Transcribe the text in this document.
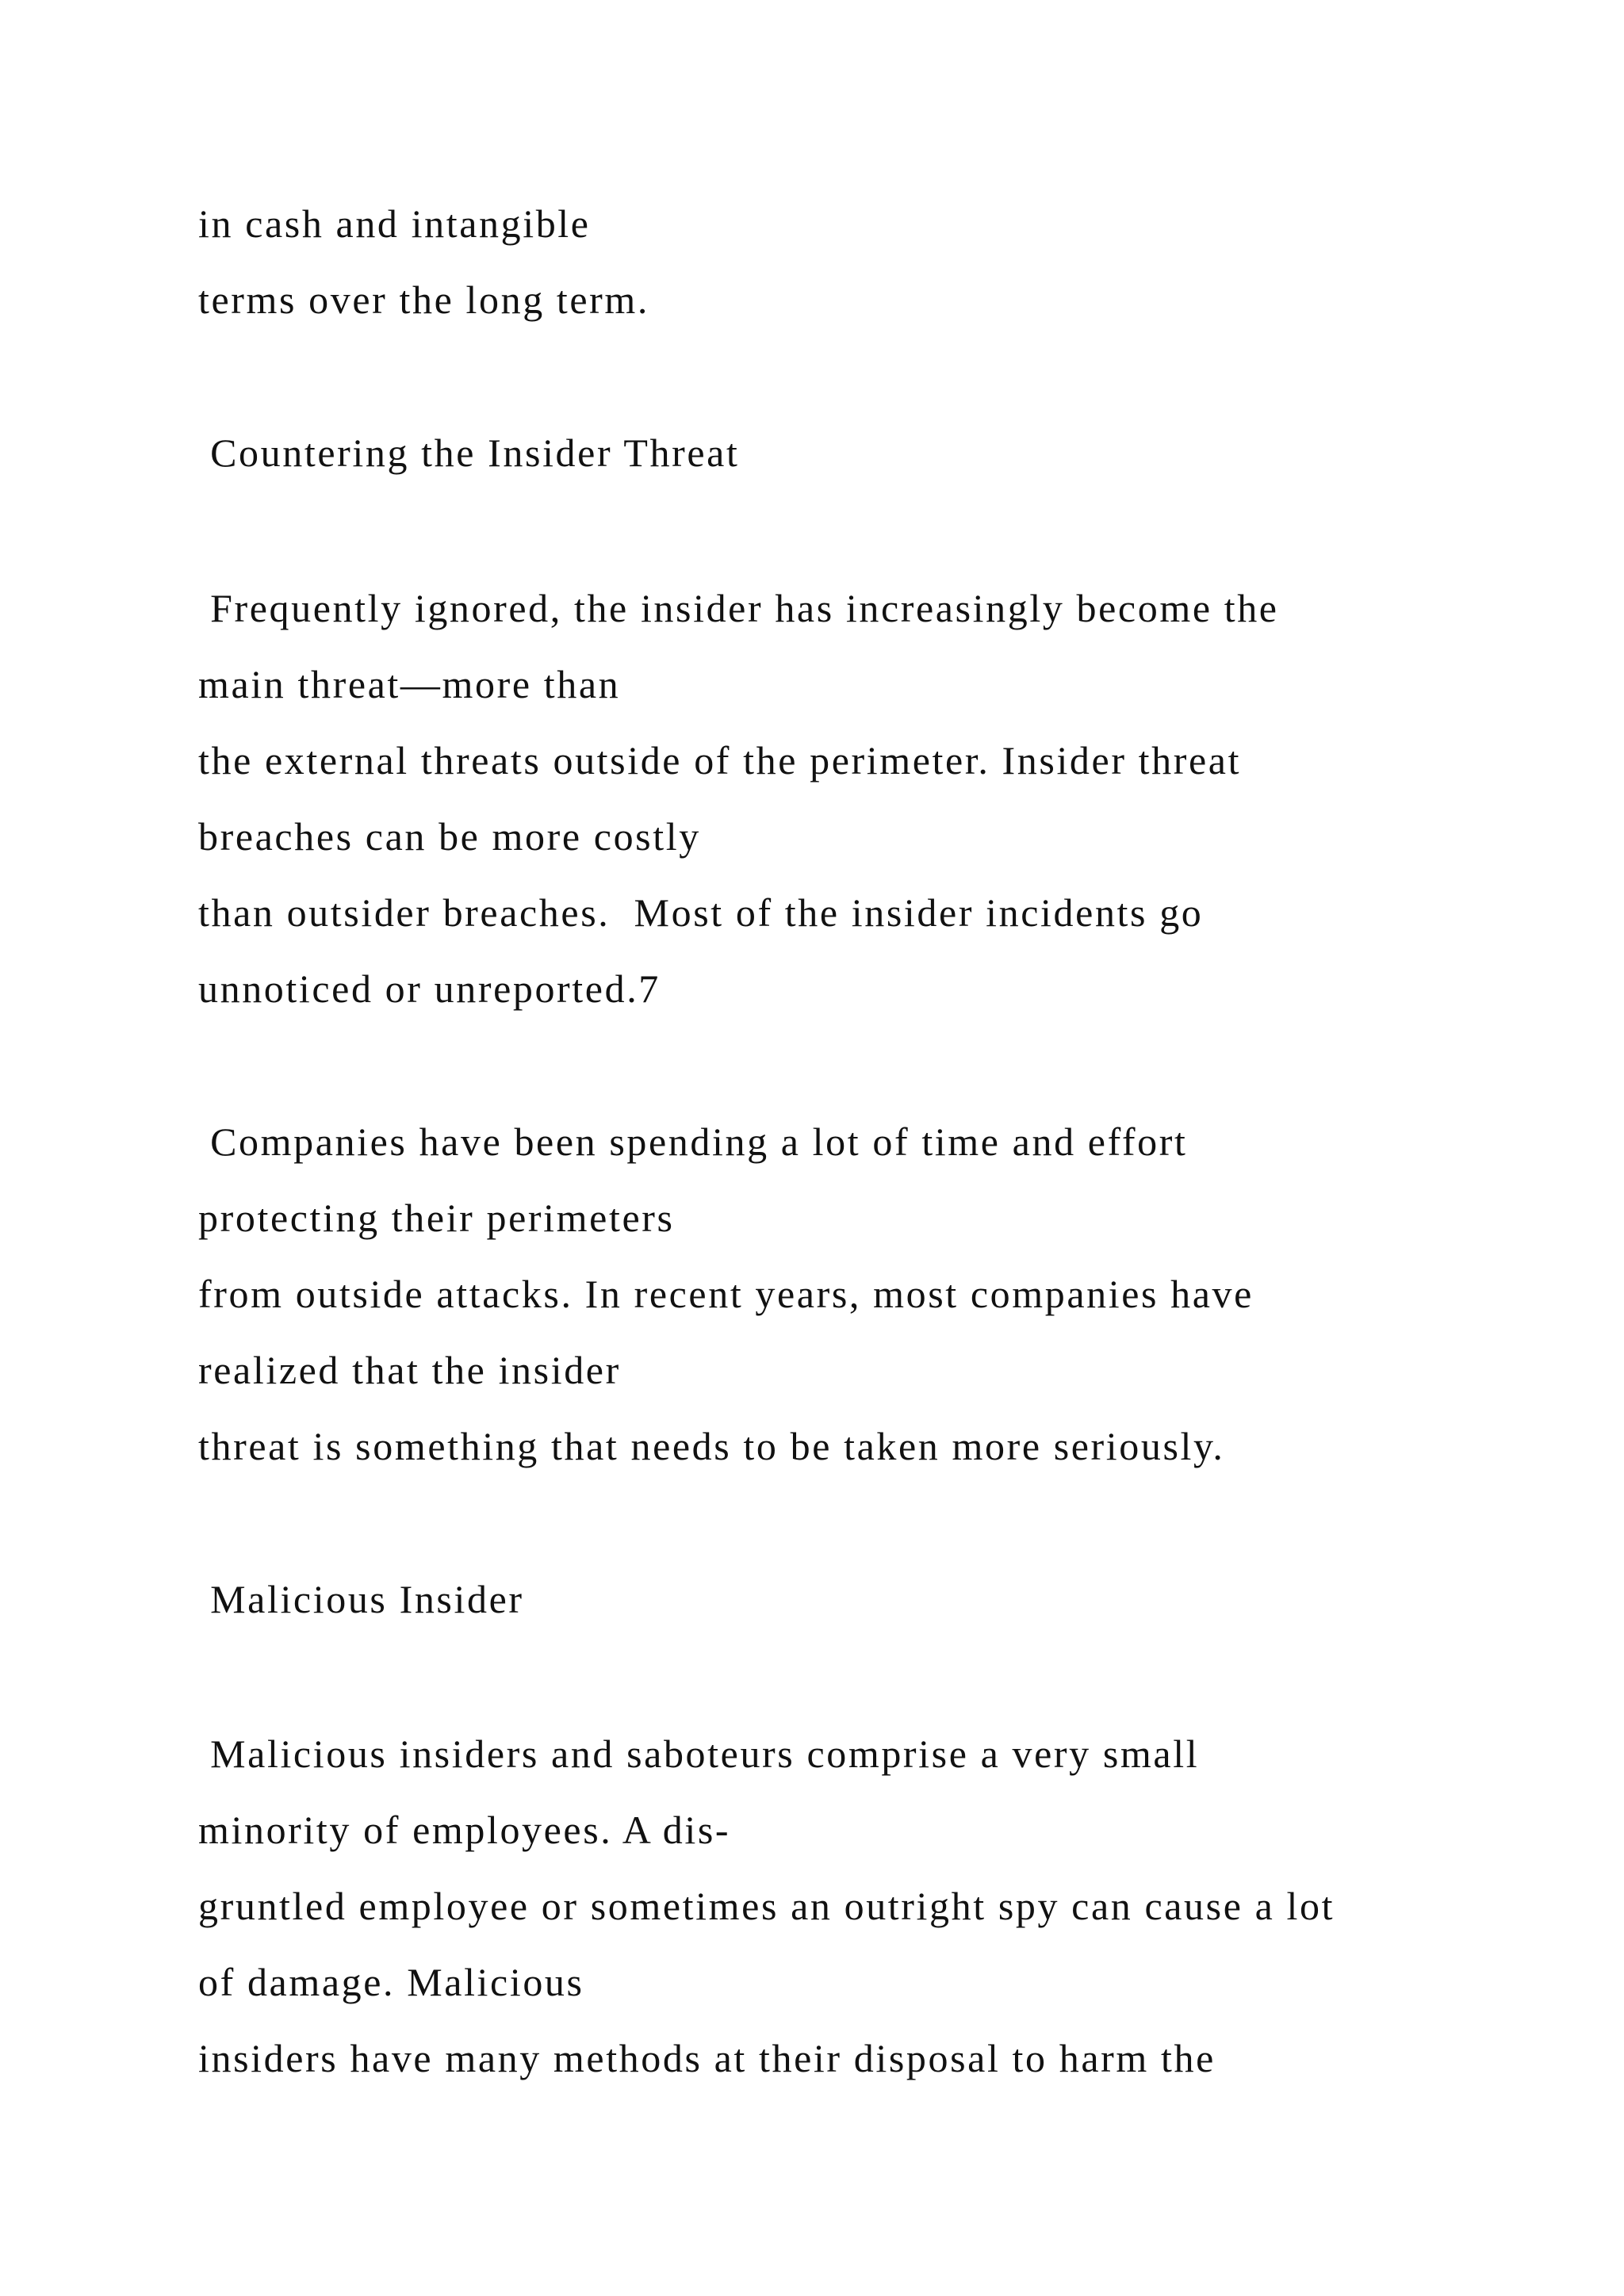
in cash and intangible

terms over the long term.

Countering the Insider Threat

Frequently ignored, the insider has increasingly become the

main threat—more than

the external threats outside of the perimeter. Insider threat

breaches can be more costly

than outsider breaches.  Most of the insider incidents go

unnoticed or unreported.7

Companies have been spending a lot of time and effort

protecting their perimeters

from outside attacks. In recent years, most companies have

realized that the insider

threat is something that needs to be taken more seriously.

Malicious Insider

Malicious insiders and saboteurs comprise a very small

minority of employees. A dis-

gruntled employee or sometimes an outright spy can cause a lot

of damage. Malicious

insiders have many methods at their disposal to harm the
